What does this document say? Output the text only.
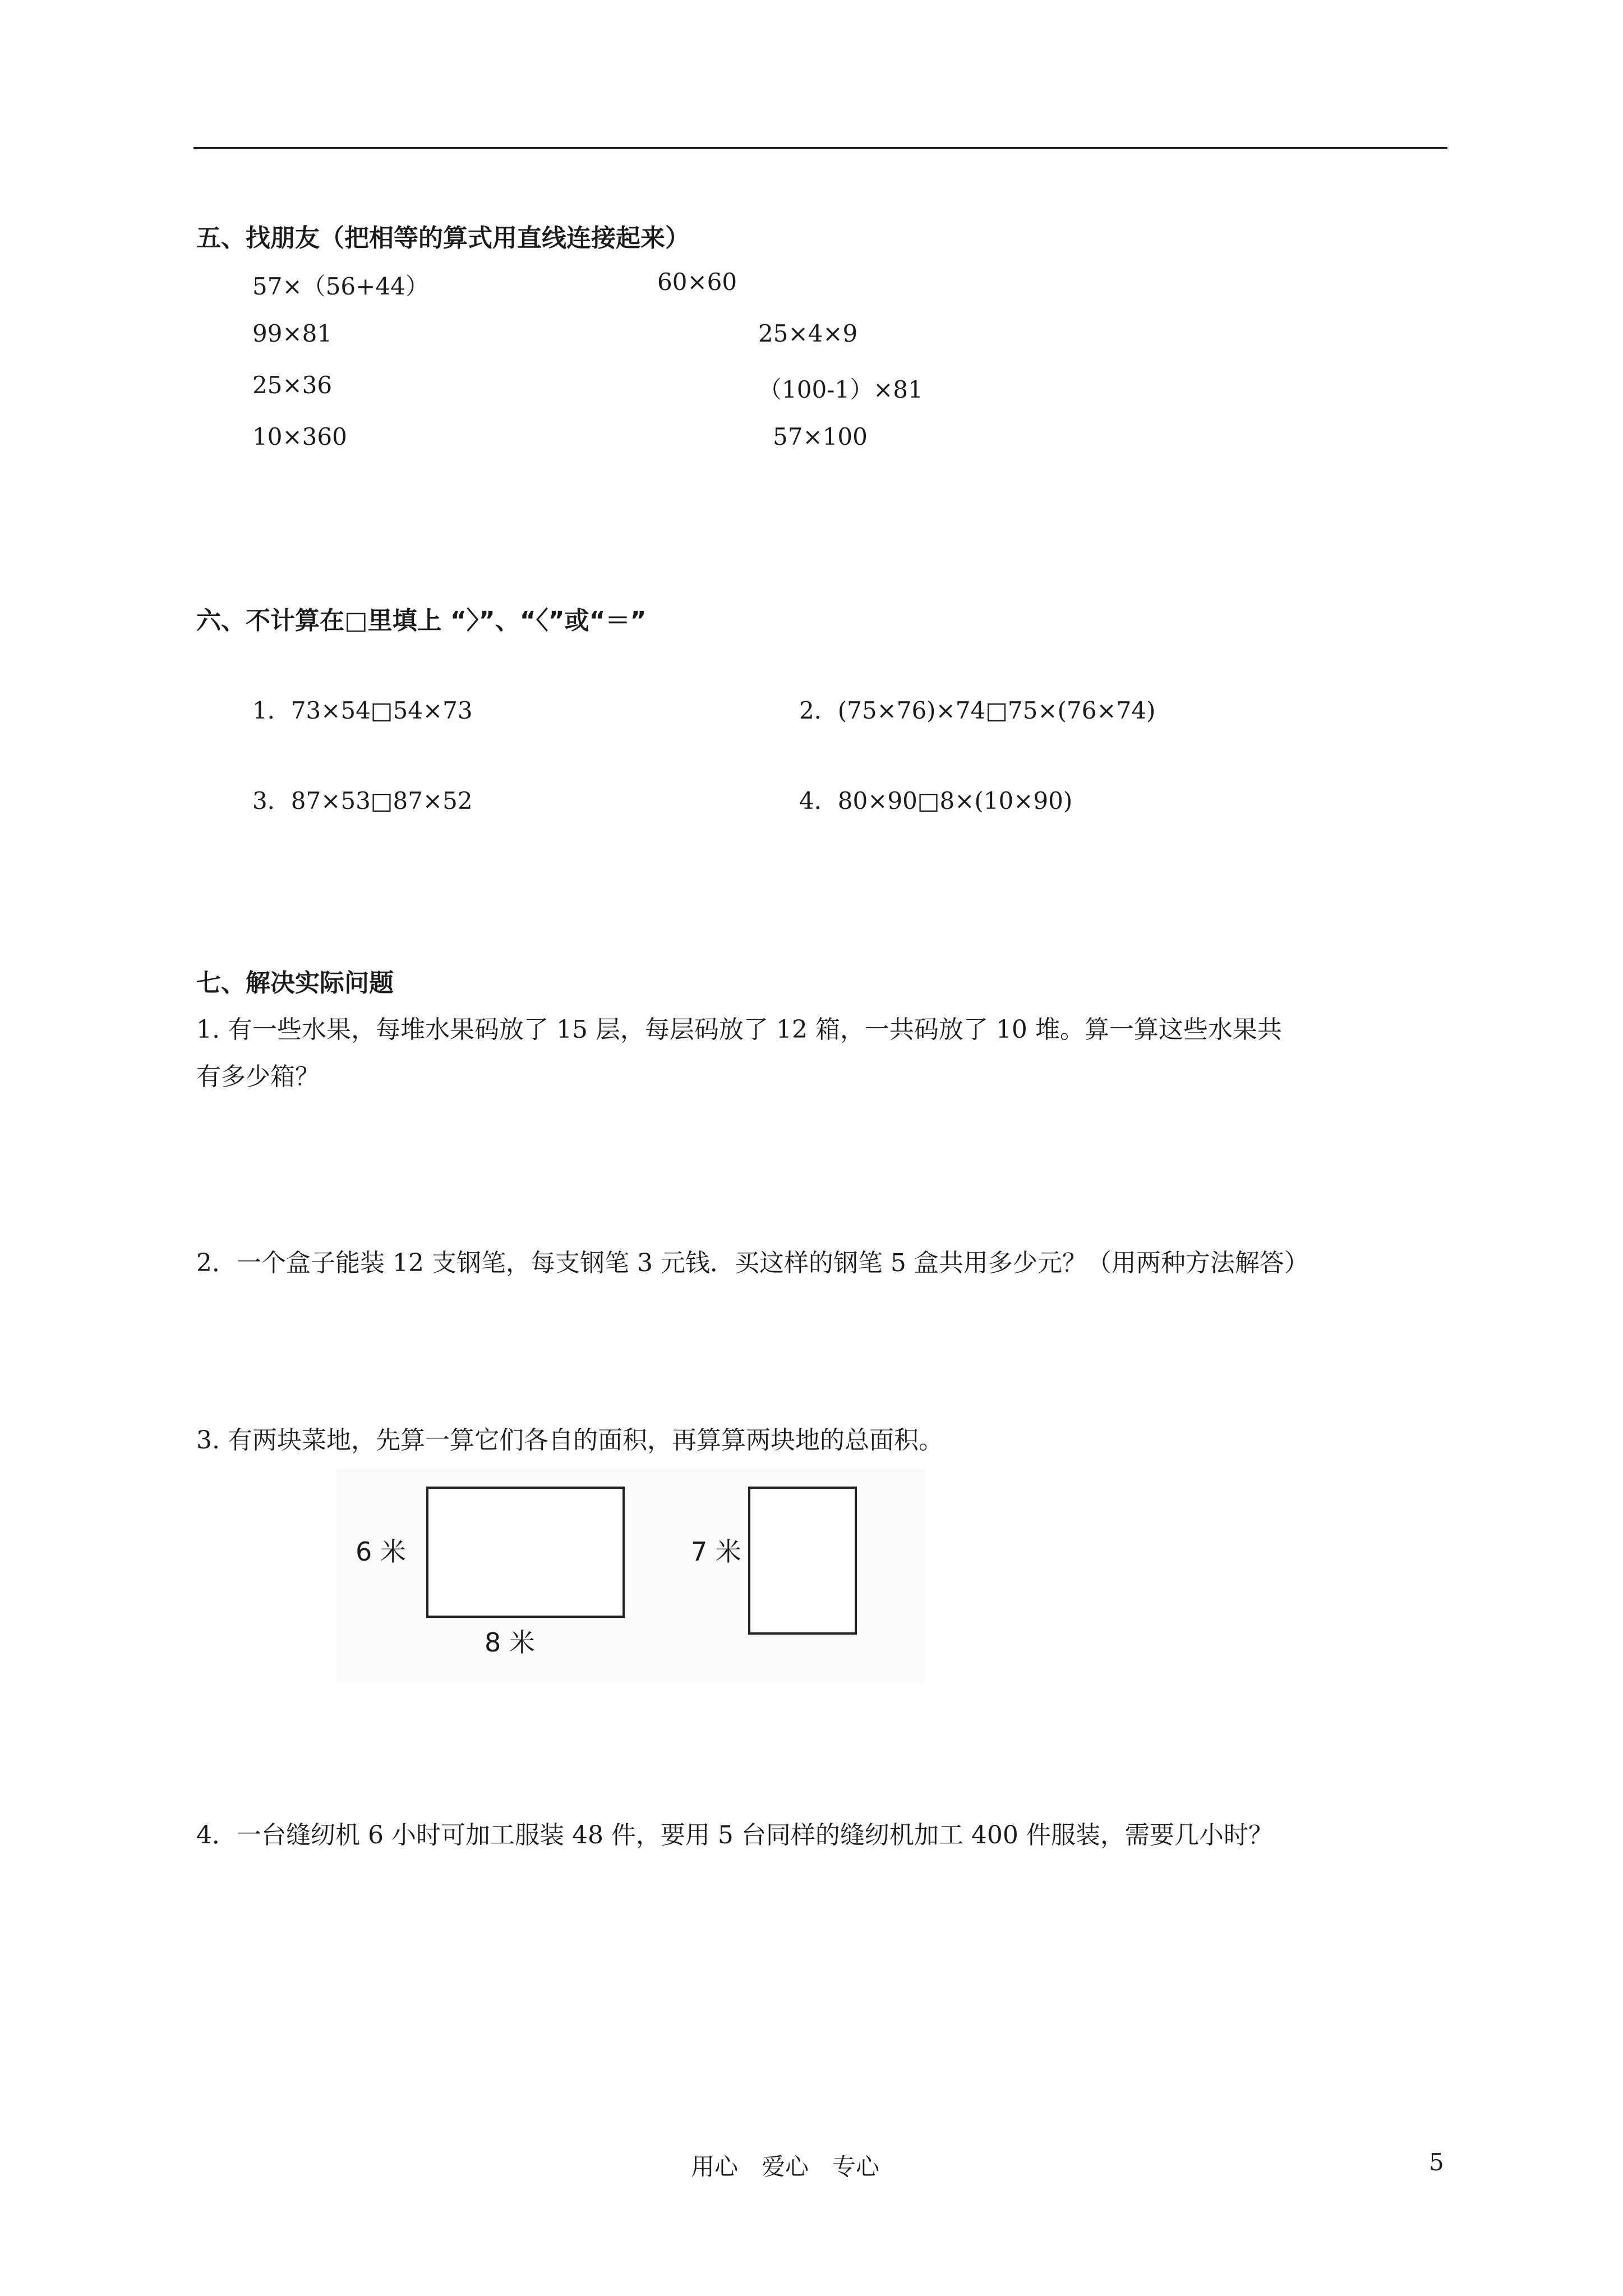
五、找朋友（把相等的算式用直线连接起来）
57×（56+44）
99×81
25×36
10×360
60×60
25×4×9
（100-1）×81
57×100
六、不计算在□里填上 “〉”、“〈”或“＝”
1．73×54□54×73	2．(75×76)×74□75×(76×74)
3．87×53□87×52	4．80×90□8×(10×90)
七、解决实际问题
1. 有一些水果，每堆水果码放了 15 层，每层码放了 12 箱，一共码放了 10 堆。算一算这些水果共
有多少箱？
2．一个盒子能装 12 支钢笔，每支钢笔 3 元钱．买这样的钢笔 5 盒共用多少元？（用两种方法解答）
3. 有两块菜地，先算一算它们各自的面积，再算算两块地的总面积。
6 米
8 米
7 米
4．一台缝纫机 6 小时可加工服装 48 件，要用 5 台同样的缝纫机加工 400 件服装，需要几小时？
用心　爱心　专心	5
